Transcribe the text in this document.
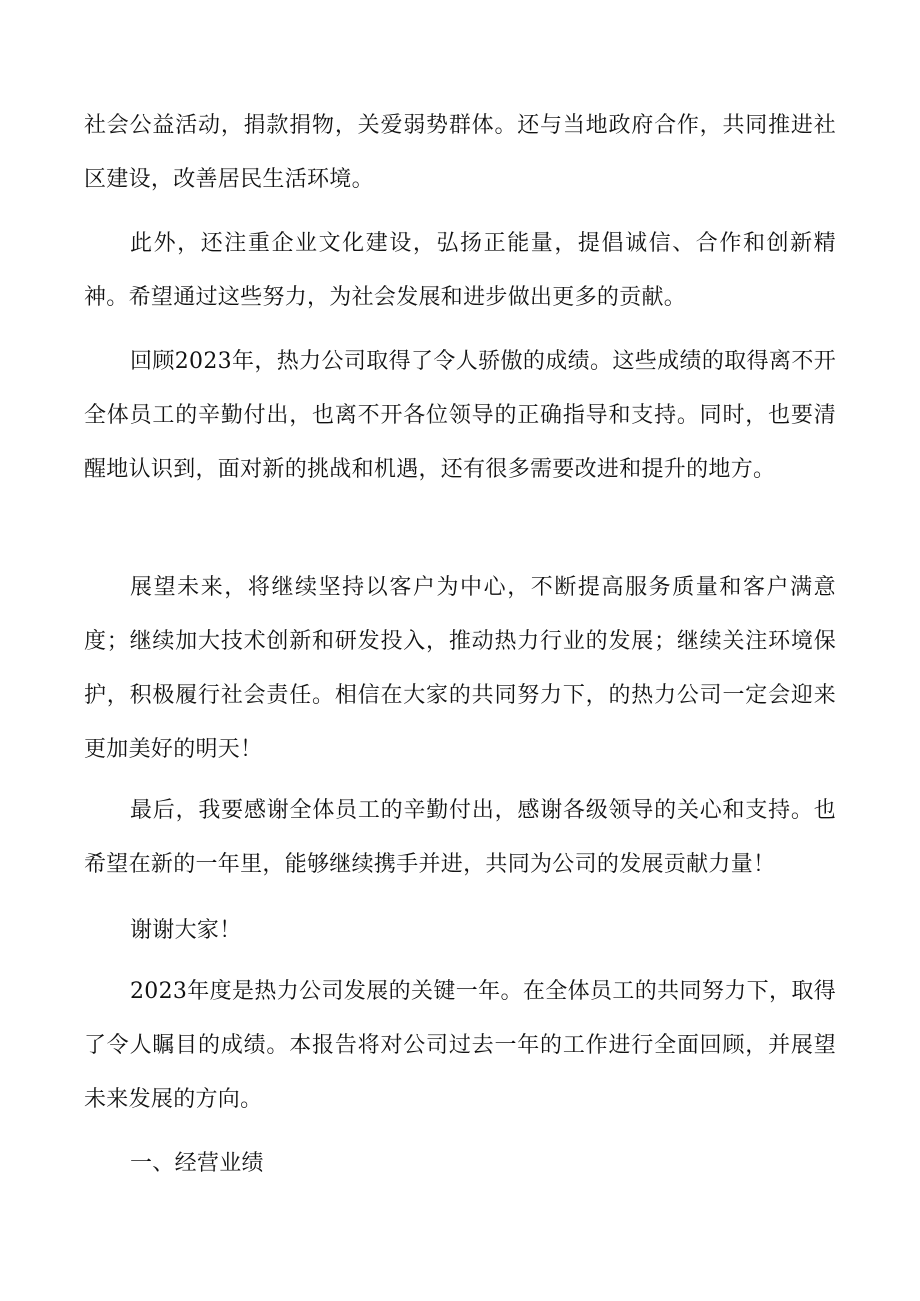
社会公益活动，捐款捐物，关爱弱势群体。还与当地政府合作，共同推进社区建设，改善居民生活环境。

此外，还注重企业文化建设，弘扬正能量，提倡诚信、合作和创新精神。希望通过这些努力，为社会发展和进步做出更多的贡献。

回顾2023年，热力公司取得了令人骄傲的成绩。这些成绩的取得离不开全体员工的辛勤付出，也离不开各位领导的正确指导和支持。同时，也要清醒地认识到，面对新的挑战和机遇，还有很多需要改进和提升的地方。

展望未来，将继续坚持以客户为中心，不断提高服务质量和客户满意度；继续加大技术创新和研发投入，推动热力行业的发展；继续关注环境保护，积极履行社会责任。相信在大家的共同努力下，的热力公司一定会迎来更加美好的明天！

最后，我要感谢全体员工的辛勤付出，感谢各级领导的关心和支持。也希望在新的一年里，能够继续携手并进，共同为公司的发展贡献力量！

谢谢大家！

2023年度是热力公司发展的关键一年。在全体员工的共同努力下，取得了令人瞩目的成绩。本报告将对公司过去一年的工作进行全面回顾，并展望未来发展的方向。

一、经营业绩
